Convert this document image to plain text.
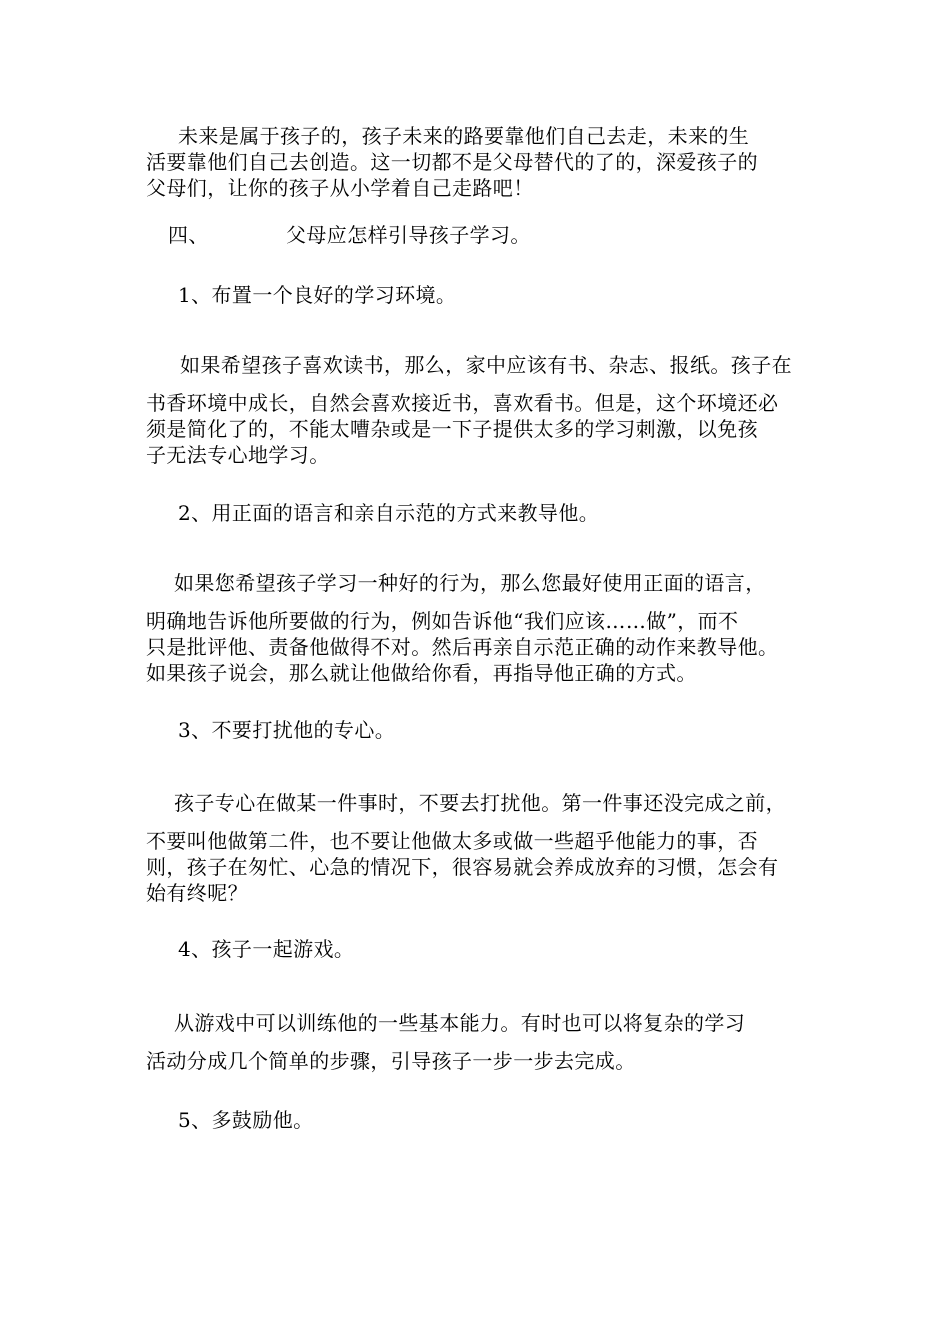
未来是属于孩子的，孩子未来的路要靠他们自己去走，未来的生
活要靠他们自己去创造。这一切都不是父母替代的了的，深爱孩子的
父母们，让你的孩子从小学着自己走路吧！
四、	父母应怎样引导孩子学习。
1、布置一个良好的学习环境。
如果希望孩子喜欢读书，那么，家中应该有书、杂志、报纸。孩子在
书香环境中成长，自然会喜欢接近书，喜欢看书。但是，这个环境还必
须是简化了的，不能太嘈杂或是一下子提供太多的学习刺激，以免孩
子无法专心地学习。
2、用正面的语言和亲自示范的方式来教导他。
如果您希望孩子学习一种好的行为，那么您最好使用正面的语言，
明确地告诉他所要做的行为，例如告诉他“我们应该……做”，而不
只是批评他、责备他做得不对。然后再亲自示范正确的动作来教导他。
如果孩子说会，那么就让他做给你看，再指导他正确的方式。
3、不要打扰他的专心。
孩子专心在做某一件事时，不要去打扰他。第一件事还没完成之前，
不要叫他做第二件，也不要让他做太多或做一些超乎他能力的事，否
则，孩子在匆忙、心急的情况下，很容易就会养成放弃的习惯，怎会有
始有终呢？
4、孩子一起游戏。
从游戏中可以训练他的一些基本能力。有时也可以将复杂的学习
活动分成几个简单的步骤，引导孩子一步一步去完成。
5、多鼓励他。
